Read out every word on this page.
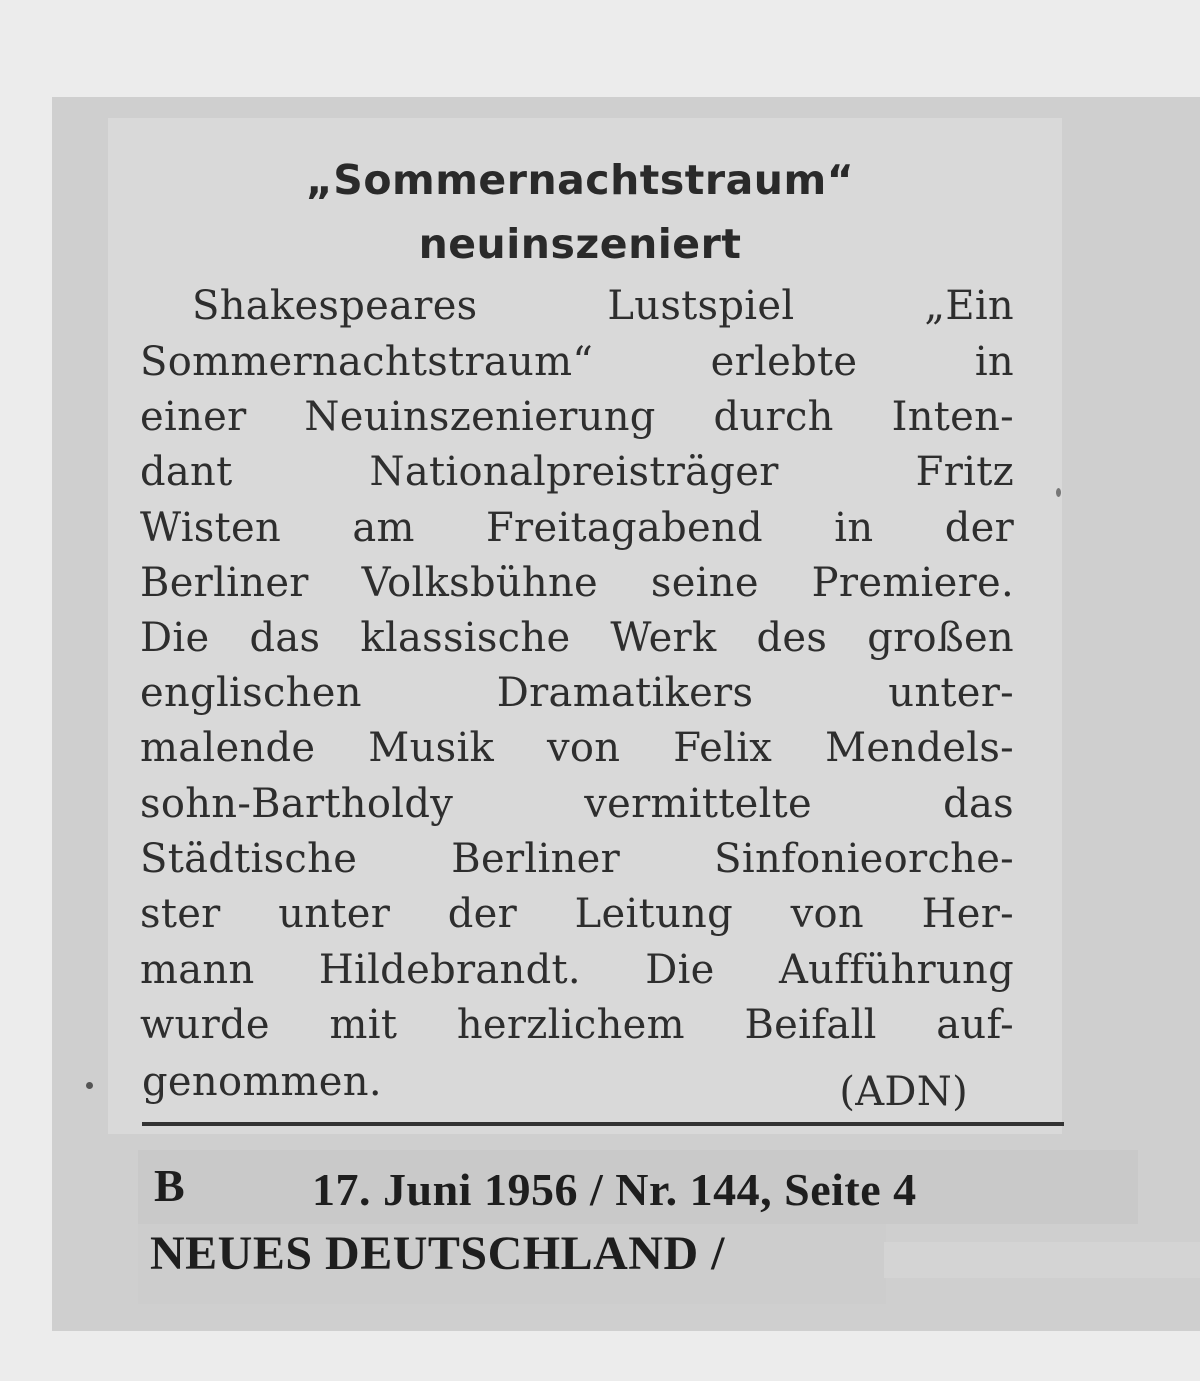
„Sommernachtstraum“
neuinszeniert
Shakespeares Lustspiel „Ein
Sommernachtstraum“ erlebte in
einer Neuinszenierung durch Inten-
dant Nationalpreisträger Fritz
Wisten am Freitagabend in der
Berliner Volksbühne seine Premiere.
Die das klassische Werk des großen
englischen Dramatikers unter-
malende Musik von Felix Mendels-
sohn-Bartholdy vermittelte das
Städtische Berliner Sinfonieorche-
ster unter der Leitung von Her-
mann Hildebrandt. Die Aufführung
wurde mit herzlichem Beifall auf-
genommen.	(ADN)
B	17. Juni 1956 / Nr. 144, Seite 4
NEUES DEUTSCHLAND /
